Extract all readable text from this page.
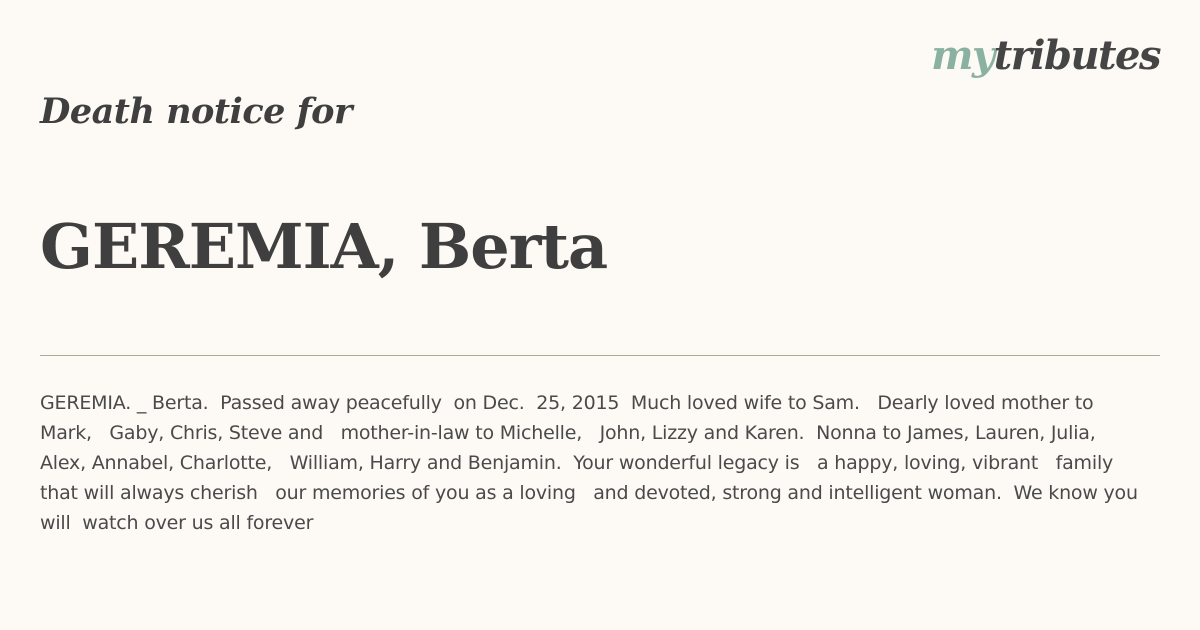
mytributes
Death notice for
GEREMIA, Berta

GEREMIA. _ Berta.  Passed away peacefully  on Dec.  25, 2015  Much loved wife to Sam.   Dearly loved mother to Mark,   Gaby, Chris, Steve and   mother-in-law to Michelle,   John, Lizzy and Karen.  Nonna to James, Lauren, Julia,   Alex, Annabel, Charlotte,   William, Harry and Benjamin.  Your wonderful legacy is   a happy, loving, vibrant   family that will always cherish   our memories of you as a loving   and devoted, strong and intelligent woman.  We know you will  watch over us all forever
